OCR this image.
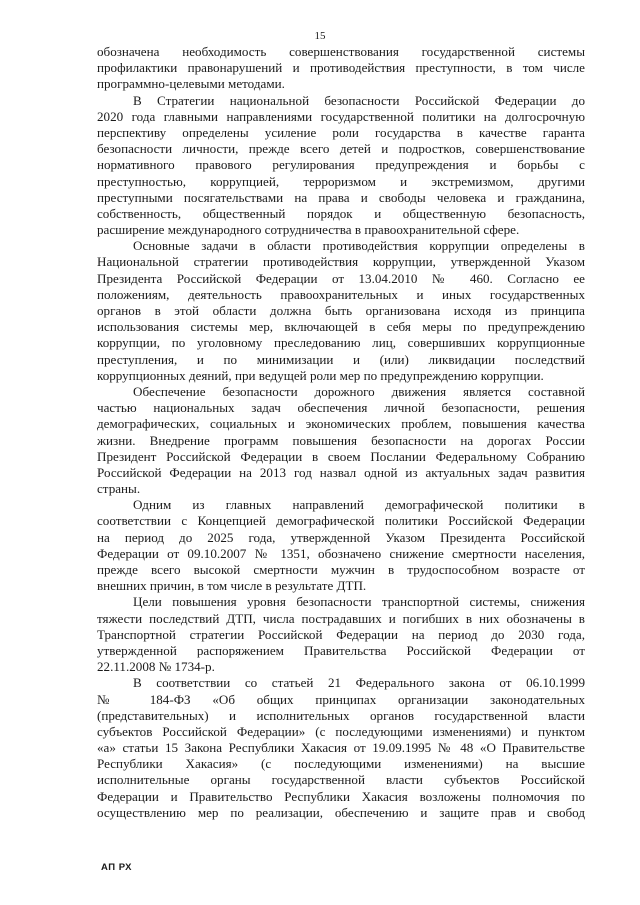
15
обозначена необходимость совершенствования государственной системы
профилактики правонарушений и противодействия преступности, в том числе
программно-целевыми методами.
В Стратегии национальной безопасности Российской Федерации до
2020 года главными направлениями государственной политики на долгосрочную
перспективу определены усиление роли государства в качестве гаранта
безопасности личности, прежде всего детей и подростков, совершенствование
нормативного правового регулирования предупреждения и борьбы с
преступностью, коррупцией, терроризмом и экстремизмом, другими
преступными посягательствами на права и свободы человека и гражданина,
собственность, общественный порядок и общественную безопасность,
расширение международного сотрудничества в правоохранительной сфере.
Основные задачи в области противодействия коррупции определены в
Национальной стратегии противодействия коррупции, утвержденной Указом
Президента Российской Федерации от 13.04.2010 № 460. Согласно ее
положениям, деятельность правоохранительных и иных государственных
органов в этой области должна быть организована исходя из принципа
использования системы мер, включающей в себя меры по предупреждению
коррупции, по уголовному преследованию лиц, совершивших коррупционные
преступления, и по минимизации и (или) ликвидации последствий
коррупционных деяний, при ведущей роли мер по предупреждению коррупции.
Обеспечение безопасности дорожного движения является составной
частью национальных задач обеспечения личной безопасности, решения
демографических, социальных и экономических проблем, повышения качества
жизни. Внедрение программ повышения безопасности на дорогах России
Президент Российской Федерации в своем Послании Федеральному Собранию
Российской Федерации на 2013 год назвал одной из актуальных задач развития
страны.
Одним из главных направлений демографической политики в
соответствии с Концепцией демографической политики Российской Федерации
на период до 2025 года, утвержденной Указом Президента Российской
Федерации от 09.10.2007 № 1351, обозначено снижение смертности населения,
прежде всего высокой смертности мужчин в трудоспособном возрасте от
внешних причин, в том числе в результате ДТП.
Цели повышения уровня безопасности транспортной системы, снижения
тяжести последствий ДТП, числа пострадавших и погибших в них обозначены в
Транспортной стратегии Российской Федерации на период до 2030 года,
утвержденной распоряжением Правительства Российской Федерации от
22.11.2008 № 1734-р.
В соответствии со статьей 21 Федерального закона от 06.10.1999
№ 184-ФЗ «Об общих принципах организации законодательных
(представительных) и исполнительных органов государственной власти
субъектов Российской Федерации» (с последующими изменениями) и пунктом
«а» статьи 15 Закона Республики Хакасия от 19.09.1995 № 48 «О Правительстве
Республики Хакасия» (с последующими изменениями) на высшие
исполнительные органы государственной власти субъектов Российской
Федерации и Правительство Республики Хакасия возложены полномочия по
осуществлению мер по реализации, обеспечению и защите прав и свобод
АП РХ
